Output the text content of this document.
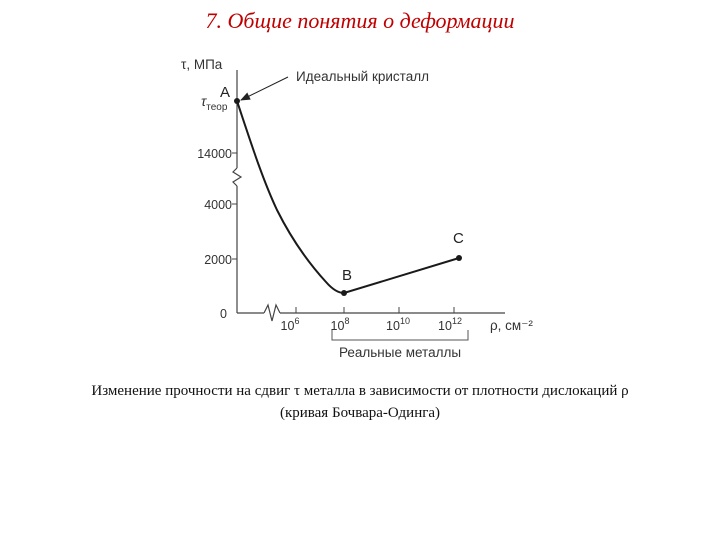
7. Общие понятия о деформации
0
2000
4000
14000
$\tau_{теор}$
τ, МПа
$10^6$ $10^8$	$10^{10}$ $10^{12}$ ρ, см⁻²
A
B
C
Идеальный кристалл
Реальные металлы
Изменение прочности на сдвиг τ металла в зависимости от плотности дислокаций ρ
(кривая Бочвара-Одинга)
